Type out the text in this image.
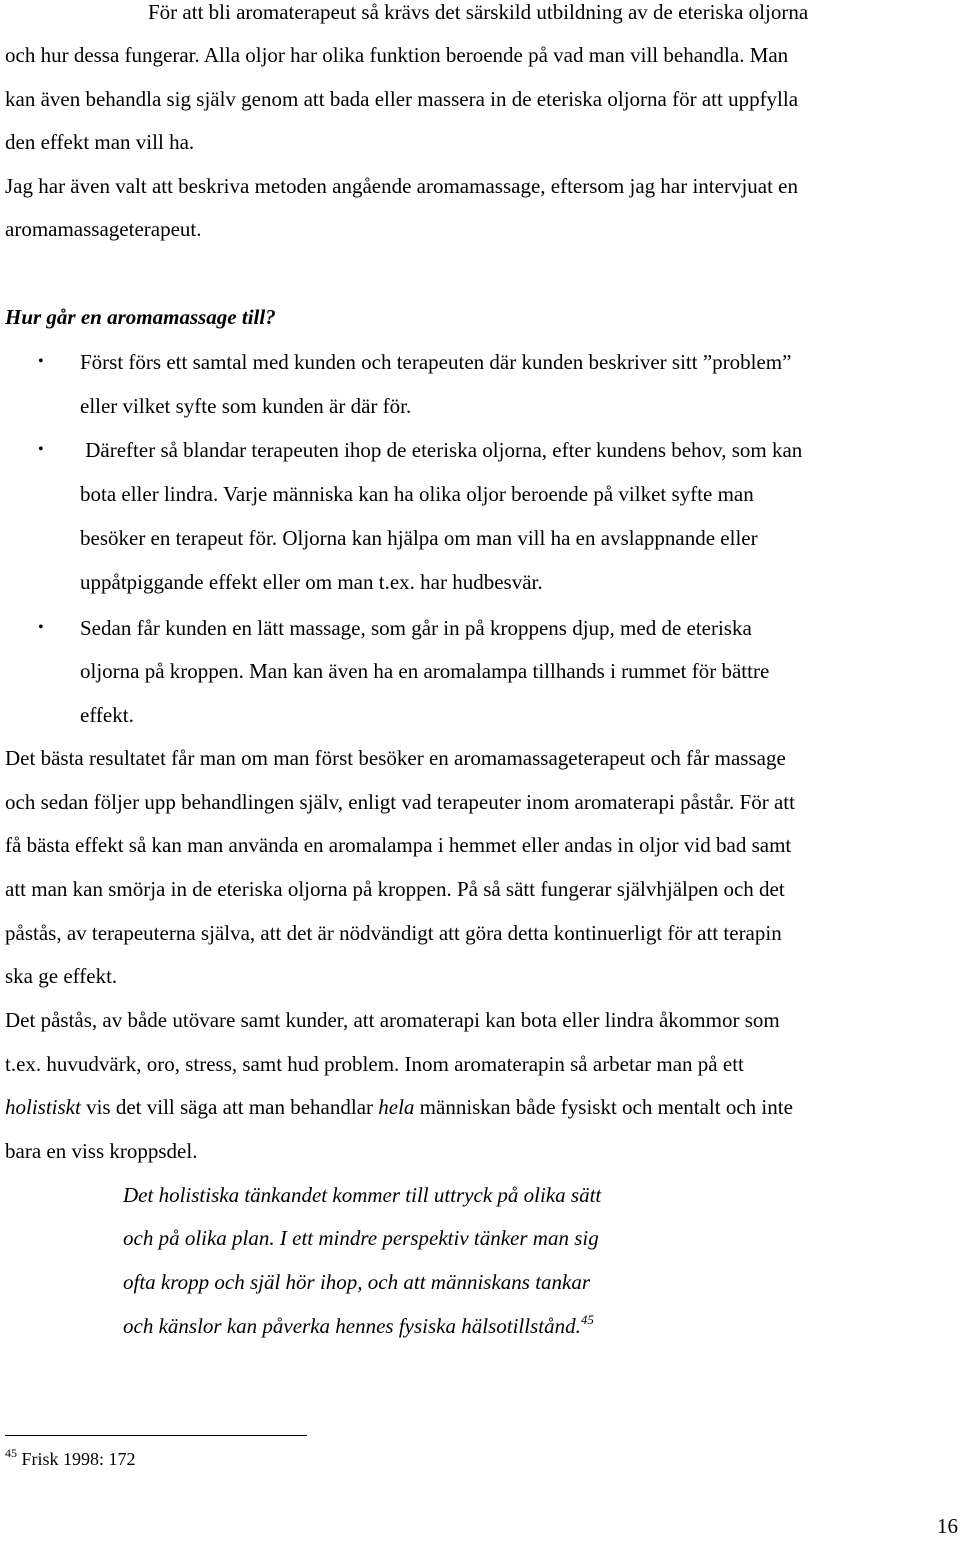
För att bli aromaterapeut så krävs det särskild utbildning av de eteriska oljorna
och hur dessa fungerar. Alla oljor har olika funktion beroende på vad man vill behandla. Man
kan även behandla sig själv genom att bada eller massera in de eteriska oljorna för att uppfylla
den effekt man vill ha.
Jag har även valt att beskriva metoden angående aromamassage, eftersom jag har intervjuat en
aromamassageterapeut.
Hur går en aromamassage till?
• Först förs ett samtal med kunden och terapeuten där kunden beskriver sitt ”problem”
eller vilket syfte som kunden är där för.
• Därefter så blandar terapeuten ihop de eteriska oljorna, efter kundens behov, som kan
bota eller lindra. Varje människa kan ha olika oljor beroende på vilket syfte man
besöker en terapeut för. Oljorna kan hjälpa om man vill ha en avslappnande eller
uppåtpiggande effekt eller om man t.ex. har hudbesvär.
• Sedan får kunden en lätt massage, som går in på kroppens djup, med de eteriska
oljorna på kroppen. Man kan även ha en aromalampa tillhands i rummet för bättre
effekt.
Det bästa resultatet får man om man först besöker en aromamassageterapeut och får massage
och sedan följer upp behandlingen själv, enligt vad terapeuter inom aromaterapi påstår. För att
få bästa effekt så kan man använda en aromalampa i hemmet eller andas in oljor vid bad samt
att man kan smörja in de eteriska oljorna på kroppen. På så sätt fungerar självhjälpen och det
påstås, av terapeuterna själva, att det är nödvändigt att göra detta kontinuerligt för att terapin
ska ge effekt.
Det påstås, av både utövare samt kunder, att aromaterapi kan bota eller lindra åkommor som
t.ex. huvudvärk, oro, stress, samt hud problem. Inom aromaterapin så arbetar man på ett
holistiskt vis det vill säga att man behandlar hela människan både fysiskt och mentalt och inte
bara en viss kroppsdel.
Det holistiska tänkandet kommer till uttryck på olika sätt
och på olika plan. I ett mindre perspektiv tänker man sig
ofta kropp och själ hör ihop, och att människans tankar
och känslor kan påverka hennes fysiska hälsotillstånd.$^{45}$
$^{45}$ Frisk 1998: 172
16
